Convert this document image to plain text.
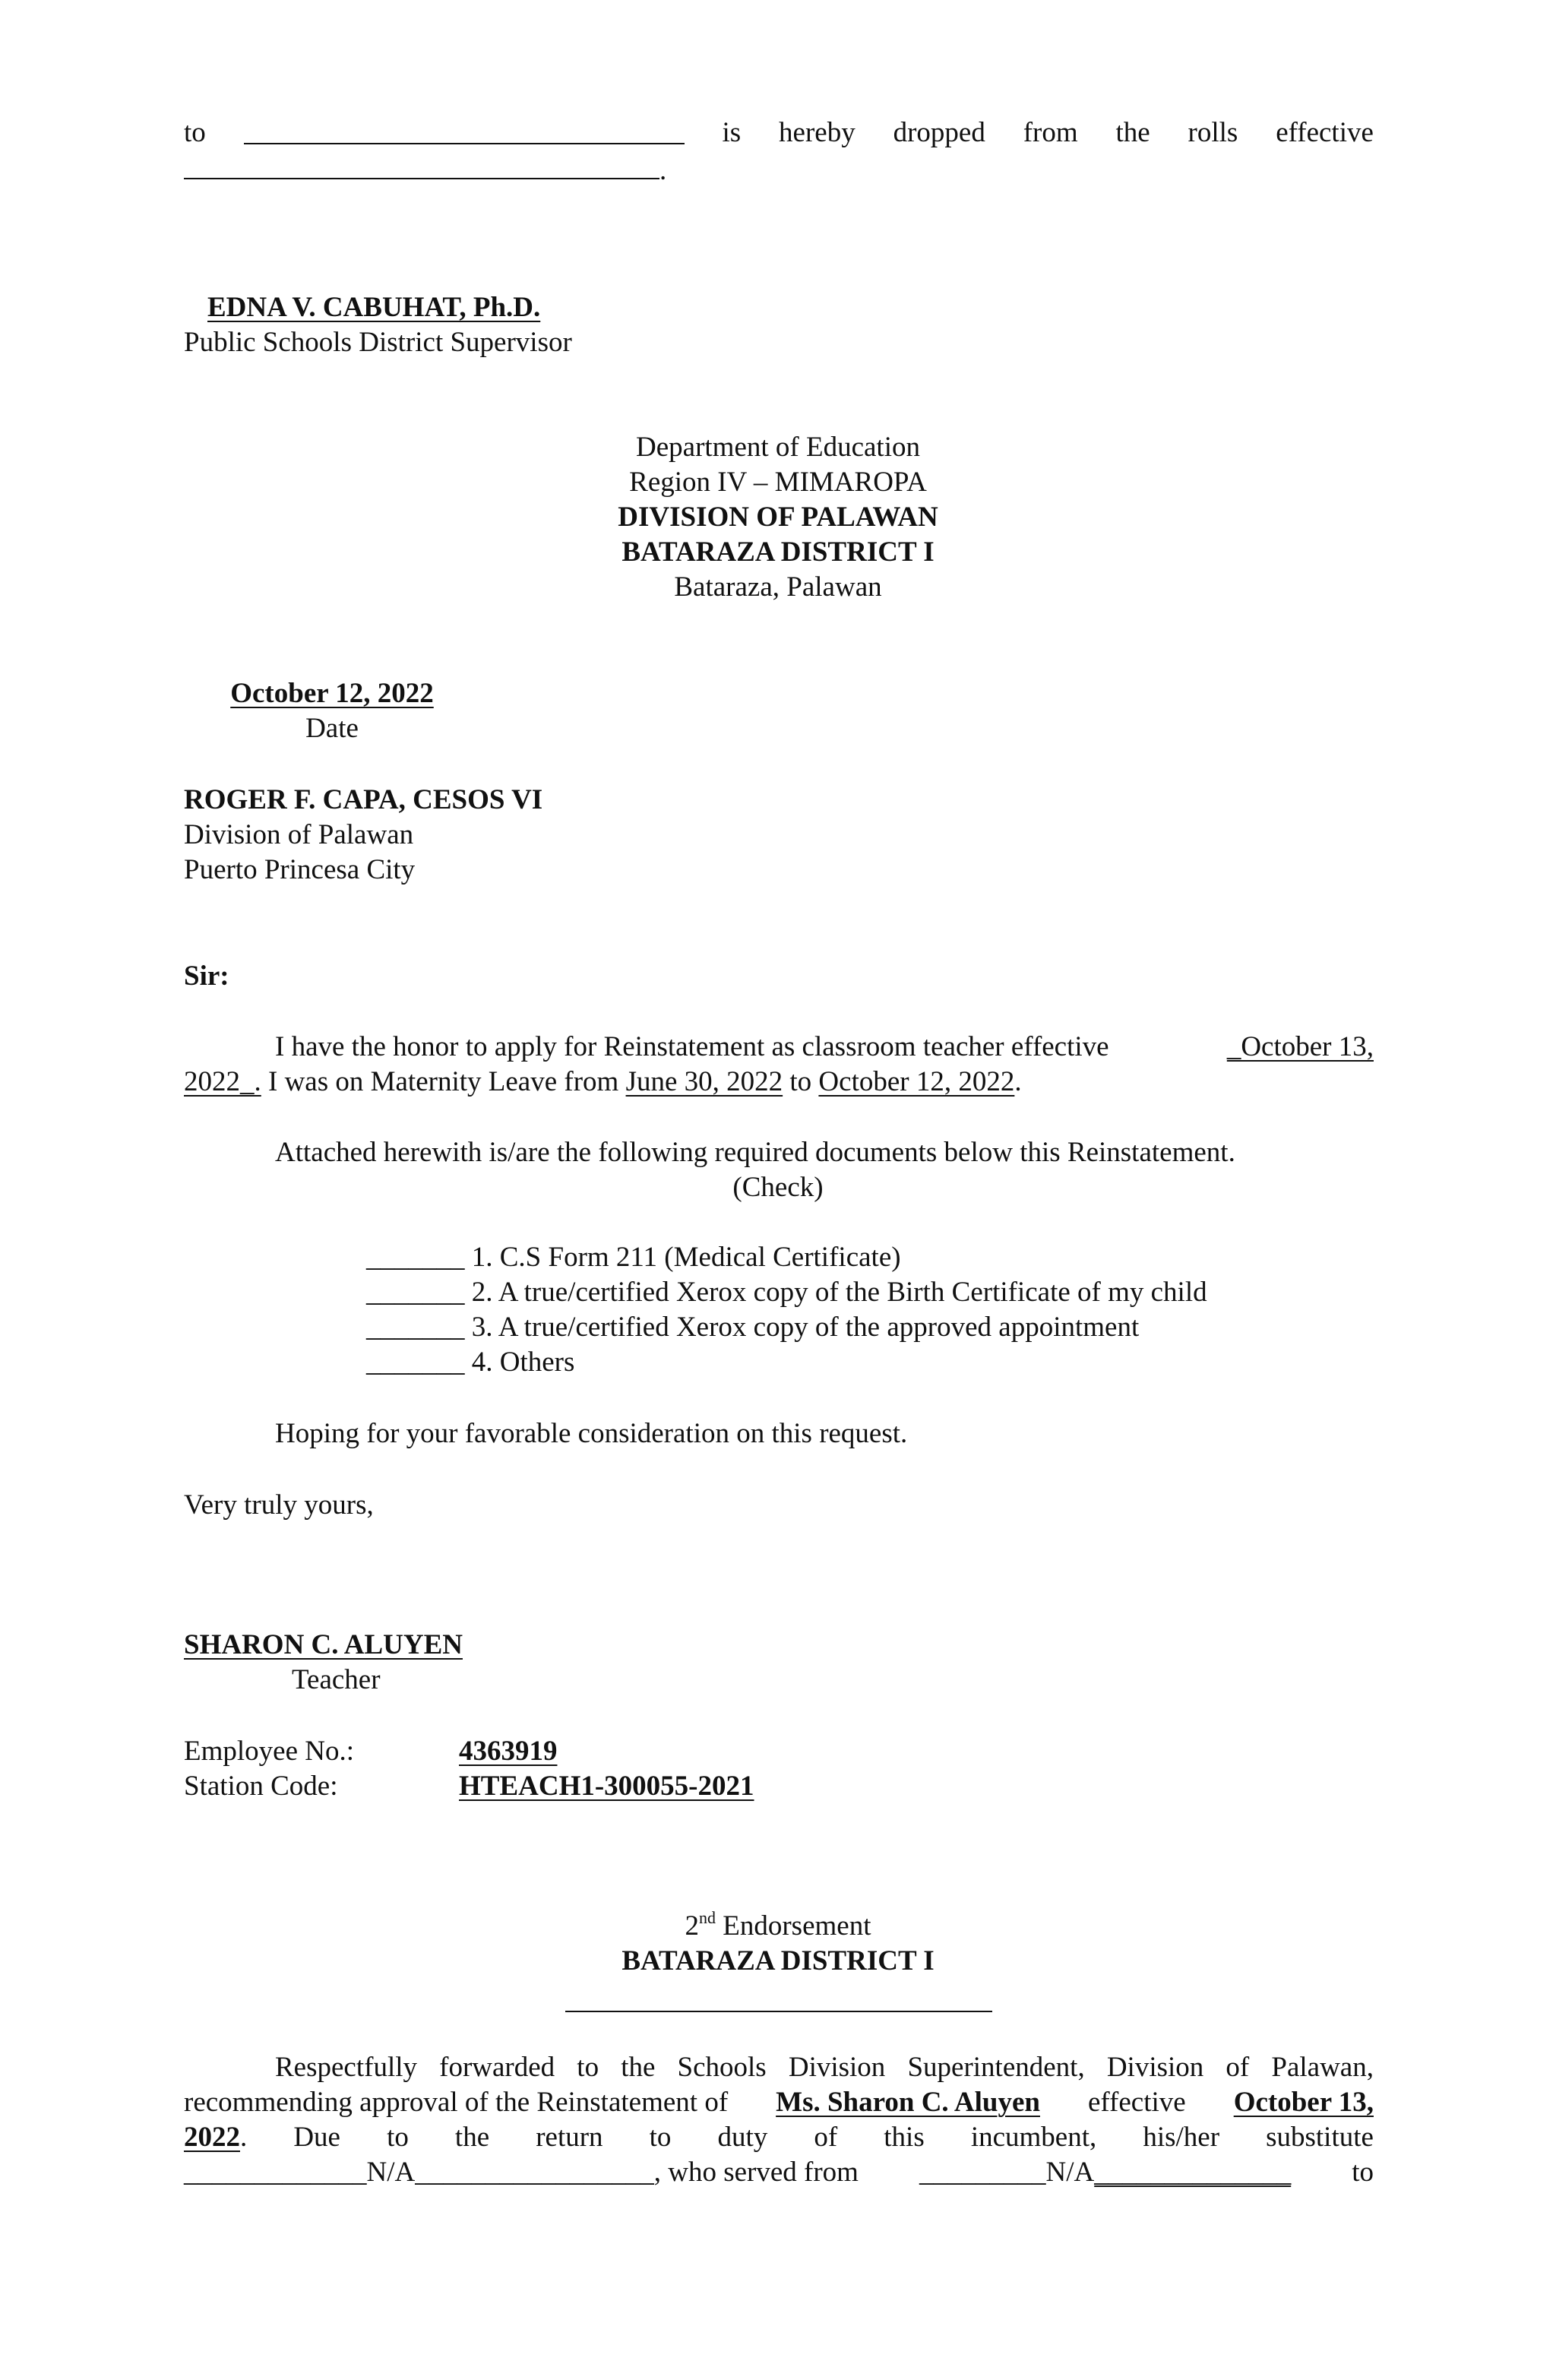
to	is hereby dropped from the rolls effective
.
EDNA V. CABUHAT, Ph.D.
Public Schools District Supervisor
Department of Education
Region IV – MIMAROPA
DIVISION OF PALAWAN
BATARAZA DISTRICT I
Bataraza, Palawan
October 12, 2022
Date
ROGER F. CAPA, CESOS VI
Division of Palawan
Puerto Princesa City
Sir:
I have the honor to apply for Reinstatement as classroom teacher effective	_October 13,
2022_. I was on Maternity Leave from June 30, 2022 to October 12, 2022.
Attached herewith is/are the following required documents below this Reinstatement.
(Check)
_______ 1. C.S Form 211 (Medical Certificate)
_______ 2. A true/certified Xerox copy of the Birth Certificate of my child
_______ 3. A true/certified Xerox copy of the approved appointment
_______ 4. Others
Hoping for your favorable consideration on this request.
Very truly yours,
SHARON C. ALUYEN
Teacher
Employee No.:	4363919
Station Code:	HTEACH1-300055-2021
2nd Endorsement
BATARAZA DISTRICT I
Respectfully forwarded to the Schools Division Superintendent, Division of Palawan,
recommending approval of the Reinstatement of Ms. Sharon C. Aluyen effective October 13,
2022. Due to the return to duty of this incumbent, his/her substitute
_____________N/A_________________, who served from _________N/A______________ to
